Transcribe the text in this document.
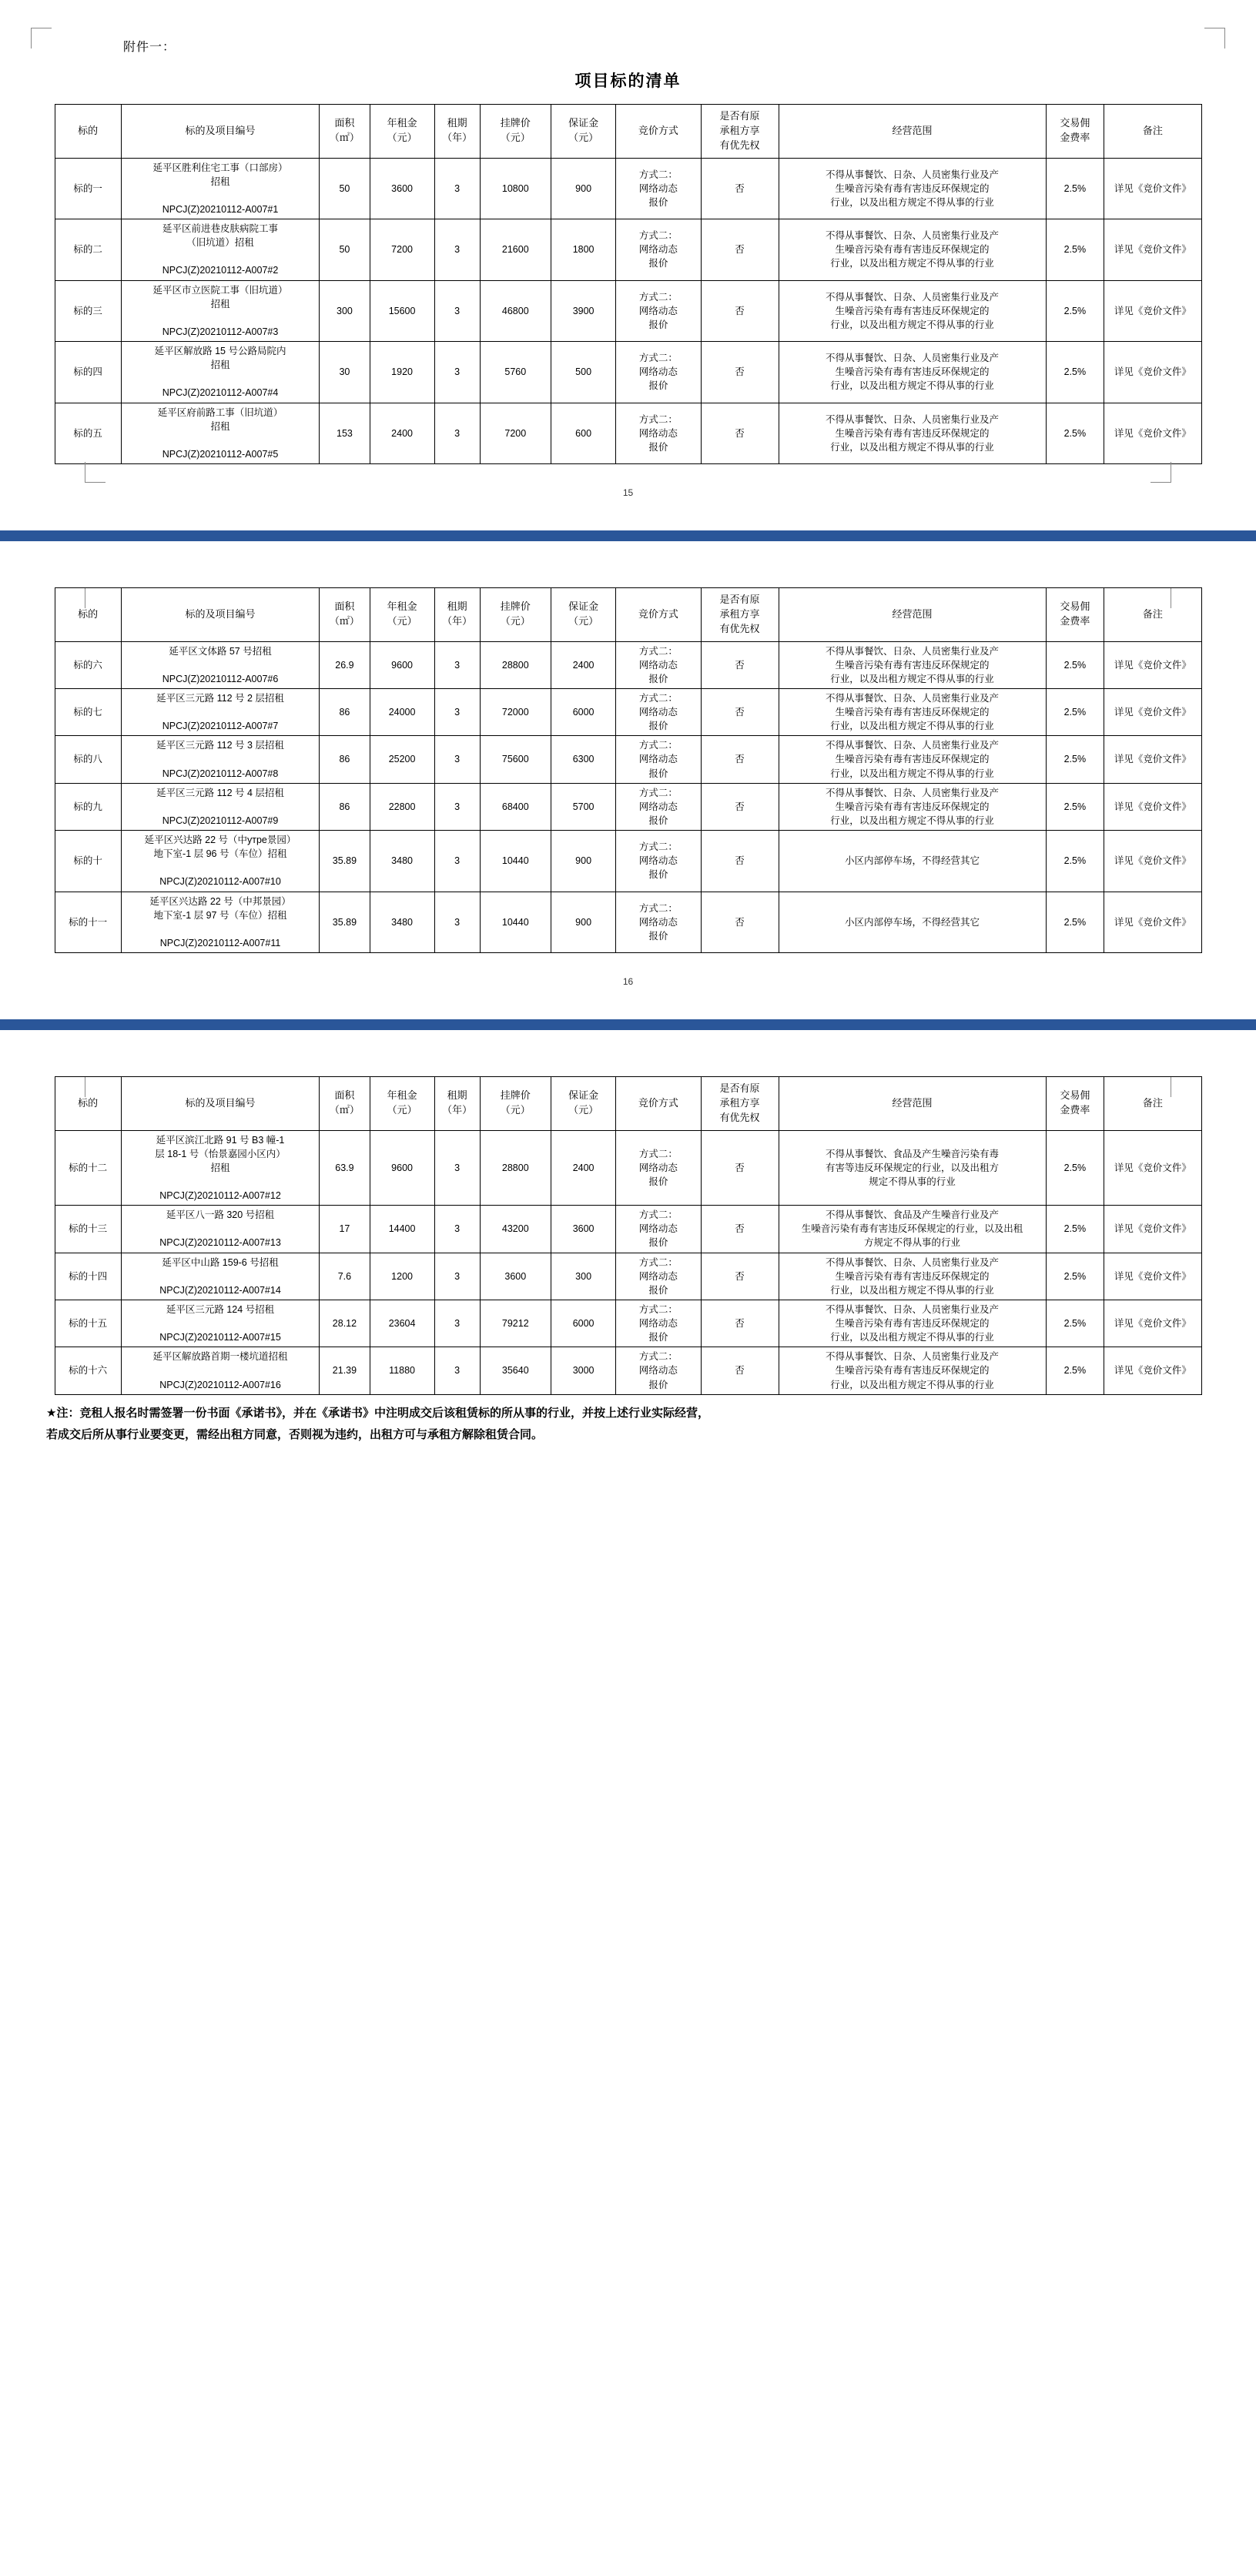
附件一：
项目标的清单
标的	标的及项目编号	面积
（㎡）	年租金
（元）	租期
（年）	挂牌价
（元）	保证金
（元）	竞价方式	是否有原
承租方享
有优先权	经营范围	交易佣
金费率	备注
标的一	延平区胜利住宅工事（口部房）
招租

NPCJ(Z)20210112-A007#1	50	3600	3	10800	900	方式二：
网络动态
报价	否	不得从事餐饮、日杂、人员密集行业及产
生噪音污染有毒有害违反环保规定的
行业，以及出租方规定不得从事的行业	2.5%	详见《竞价文件》
标的二	延平区前进巷皮肤病院工事
（旧坑道）招租

NPCJ(Z)20210112-A007#2	50	7200	3	21600	1800	方式二：
网络动态
报价	否	不得从事餐饮、日杂、人员密集行业及产
生噪音污染有毒有害违反环保规定的
行业，以及出租方规定不得从事的行业	2.5%	详见《竞价文件》
标的三	延平区市立医院工事（旧坑道）
招租

NPCJ(Z)20210112-A007#3	300	15600	3	46800	3900	方式二：
网络动态
报价	否	不得从事餐饮、日杂、人员密集行业及产
生噪音污染有毒有害违反环保规定的
行业，以及出租方规定不得从事的行业	2.5%	详见《竞价文件》
标的四	延平区解放路 15 号公路局院内
招租

NPCJ(Z)20210112-A007#4	30	1920	3	5760	500	方式二：
网络动态
报价	否	不得从事餐饮、日杂、人员密集行业及产
生噪音污染有毒有害违反环保规定的
行业，以及出租方规定不得从事的行业	2.5%	详见《竞价文件》
标的五	延平区府前路工事（旧坑道）
招租

NPCJ(Z)20210112-A007#5	153	2400	3	7200	600	方式二：
网络动态
报价	否	不得从事餐饮、日杂、人员密集行业及产
生噪音污染有毒有害违反环保规定的
行业，以及出租方规定不得从事的行业	2.5%	详见《竞价文件》
15
标的	标的及项目编号	面积
（㎡）	年租金
（元）	租期
（年）	挂牌价
（元）	保证金
（元）	竞价方式	是否有原
承租方享
有优先权	经营范围	交易佣
金费率	备注
标的六	延平区文体路 57 号招租

NPCJ(Z)20210112-A007#6	26.9	9600	3	28800	2400	方式二：
网络动态
报价	否	不得从事餐饮、日杂、人员密集行业及产
生噪音污染有毒有害违反环保规定的
行业，以及出租方规定不得从事的行业	2.5%	详见《竞价文件》
标的七	延平区三元路 112 号 2 层招租

NPCJ(Z)20210112-A007#7	86	24000	3	72000	6000	方式二：
网络动态
报价	否	不得从事餐饮、日杂、人员密集行业及产
生噪音污染有毒有害违反环保规定的
行业，以及出租方规定不得从事的行业	2.5%	详见《竞价文件》
标的八	延平区三元路 112 号 3 层招租

NPCJ(Z)20210112-A007#8	86	25200	3	75600	6300	方式二：
网络动态
报价	否	不得从事餐饮、日杂、人员密集行业及产
生噪音污染有毒有害违反环保规定的
行业，以及出租方规定不得从事的行业	2.5%	详见《竞价文件》
标的九	延平区三元路 112 号 4 层招租

NPCJ(Z)20210112-A007#9	86	22800	3	68400	5700	方式二：
网络动态
报价	否	不得从事餐饮、日杂、人员密集行业及产
生噪音污染有毒有害违反环保规定的
行业，以及出租方规定不得从事的行业	2.5%	详见《竞价文件》
标的十	延平区兴达路 22 号（中утре景园）
地下室-1 层 96 号（车位）招租

NPCJ(Z)20210112-A007#10	35.89	3480	3	10440	900	方式二：
网络动态
报价	否	小区内部停车场，不得经营其它	2.5%	详见《竞价文件》
标的十一	延平区兴达路 22 号（中邦景园）
地下室-1 层 97 号（车位）招租

NPCJ(Z)20210112-A007#11	35.89	3480	3	10440	900	方式二：
网络动态
报价	否	小区内部停车场，不得经营其它	2.5%	详见《竞价文件》
16
标的	标的及项目编号	面积
（㎡）	年租金
（元）	租期
（年）	挂牌价
（元）	保证金
（元）	竞价方式	是否有原
承租方享
有优先权	经营范围	交易佣
金费率	备注
标的十二	延平区滨江北路 91 号 B3 幢-1
层 18-1 号（怡景嘉园小区内）
招租

NPCJ(Z)20210112-A007#12	63.9	9600	3	28800	2400	方式二：
网络动态
报价	否	不得从事餐饮、食品及产生噪音污染有毒
有害等违反环保规定的行业，以及出租方
规定不得从事的行业	2.5%	详见《竞价文件》
标的十三	延平区八一路 320 号招租

NPCJ(Z)20210112-A007#13	17	14400	3	43200	3600	方式二：
网络动态
报价	否	不得从事餐饮、食品及产生噪音行业及产
生噪音污染有毒有害违反环保规定的行业，以及出租
方规定不得从事的行业	2.5%	详见《竞价文件》
标的十四	延平区中山路 159-6 号招租

NPCJ(Z)20210112-A007#14	7.6	1200	3	3600	300	方式二：
网络动态
报价	否	不得从事餐饮、日杂、人员密集行业及产
生噪音污染有毒有害违反环保规定的
行业，以及出租方规定不得从事的行业	2.5%	详见《竞价文件》
标的十五	延平区三元路 124 号招租

NPCJ(Z)20210112-A007#15	28.12	23604	3	79212	6000	方式二：
网络动态
报价	否	不得从事餐饮、日杂、人员密集行业及产
生噪音污染有毒有害违反环保规定的
行业，以及出租方规定不得从事的行业	2.5%	详见《竞价文件》
标的十六	延平区解放路首期一楼坑道招租

NPCJ(Z)20210112-A007#16	21.39	11880	3	35640	3000	方式二：
网络动态
报价	否	不得从事餐饮、日杂、人员密集行业及产
生噪音污染有毒有害违反环保规定的
行业，以及出租方规定不得从事的行业	2.5%	详见《竞价文件》
★注：竞租人报名时需签署一份书面《承诺书》，并在《承诺书》中注明成交后该租赁标的所从事的行业，并按上述行业实际经营，
若成交后所从事行业要变更，需经出租方同意，否则视为违约，出租方可与承租方解除租赁合同。
